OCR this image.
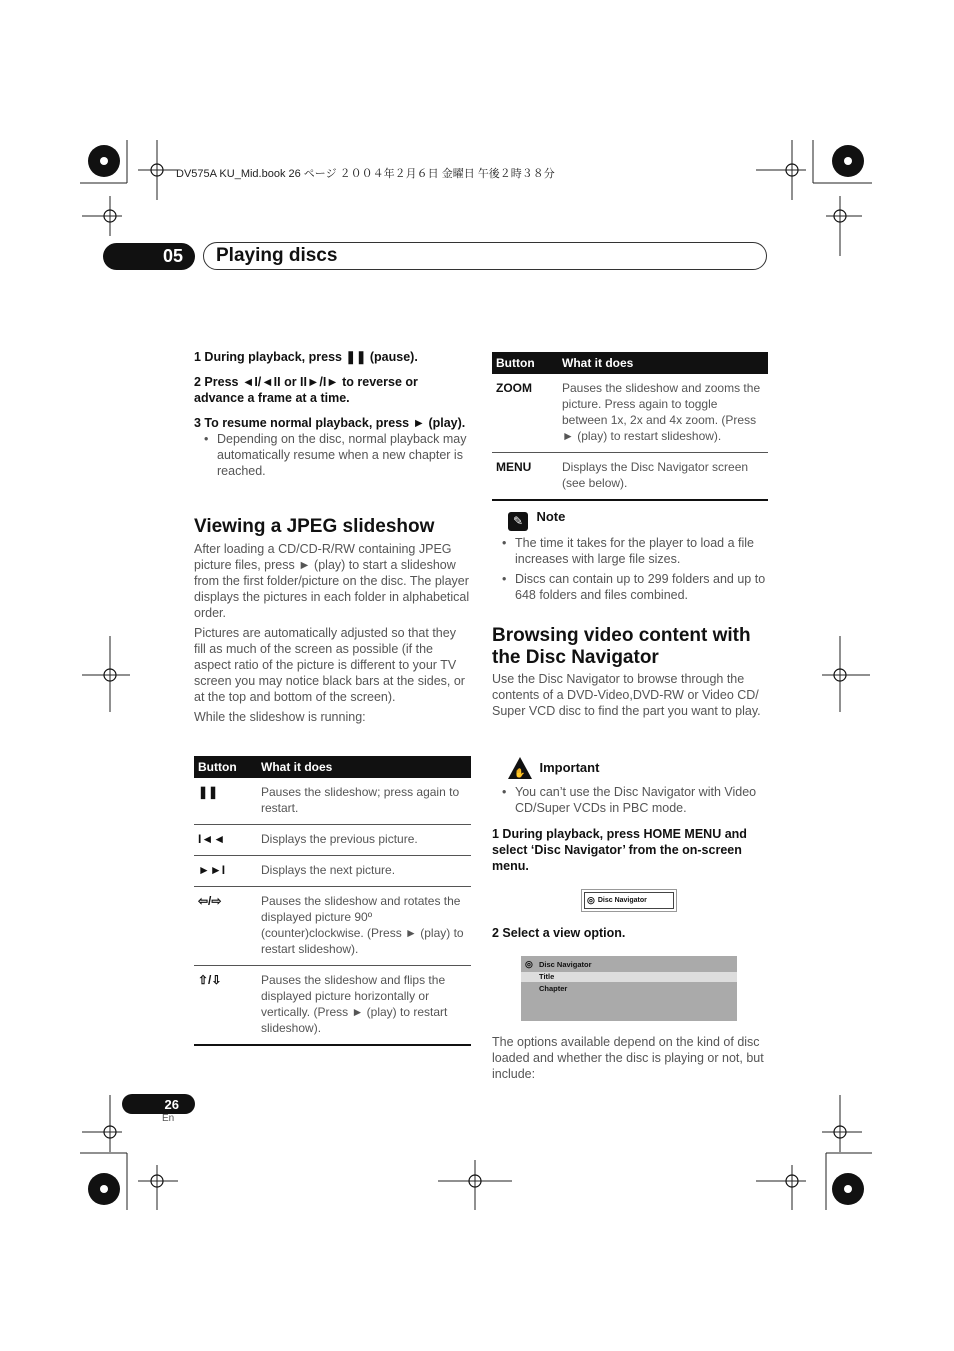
DV575A KU_Mid.book 26 ページ ２００４年２月６日 金曜日 午後２時３８分
05	Playing discs
1 During playback, press ❚❚ (pause).
2 Press ◄I/◄II or II►/I► to reverse or advance a frame at a time.
3 To resume normal playback, press ► (play).
• Depending on the disc, normal playback may automatically resume when a new chapter is reached.
Viewing a JPEG slideshow
After loading a CD/CD-R/RW containing JPEG picture files, press ► (play) to start a slideshow from the first folder/picture on the disc. The player displays the pictures in each folder in alphabetical order.
Pictures are automatically adjusted so that they fill as much of the screen as possible (if the aspect ratio of the picture is different to your TV screen you may notice black bars at the sides, or at the top and bottom of the screen).
While the slideshow is running:
Button	What it does
❚❚	Pauses the slideshow; press again to restart.
I◄◄	Displays the previous picture.
►►I	Displays the next picture.
⇦/⇨	Pauses the slideshow and rotates the displayed picture 90º (counter)clockwise. (Press ► (play) to restart slideshow).
⇧/⇩	Pauses the slideshow and flips the displayed picture horizontally or vertically. (Press ► (play) to restart slideshow).
Button	What it does
ZOOM	Pauses the slideshow and zooms the picture. Press again to toggle between 1x, 2x and 4x zoom. (Press ► (play) to restart slideshow).
MENU	Displays the Disc Navigator screen (see below).
✎ $^{Note}$
• The time it takes for the player to load a file increases with large file sizes.
• Discs can contain up to 299 folders and up to 648 folders and files combined.
Browsing video content with the Disc Navigator
Use the Disc Navigator to browse through the contents of a DVD-Video,DVD-RW or Video CD/ Super VCD disc to find the part you want to play.
✋ Important
• You can’t use the Disc Navigator with Video CD/Super VCDs in PBC mode.
1 During playback, press HOME MENU and select ‘Disc Navigator’ from the on-screen menu.
◎ Disc Navigator
2 Select a view option.
◎ Disc Navigator
Title
Chapter
The options available depend on the kind of disc loaded and whether the disc is playing or not, but include:
26
En
